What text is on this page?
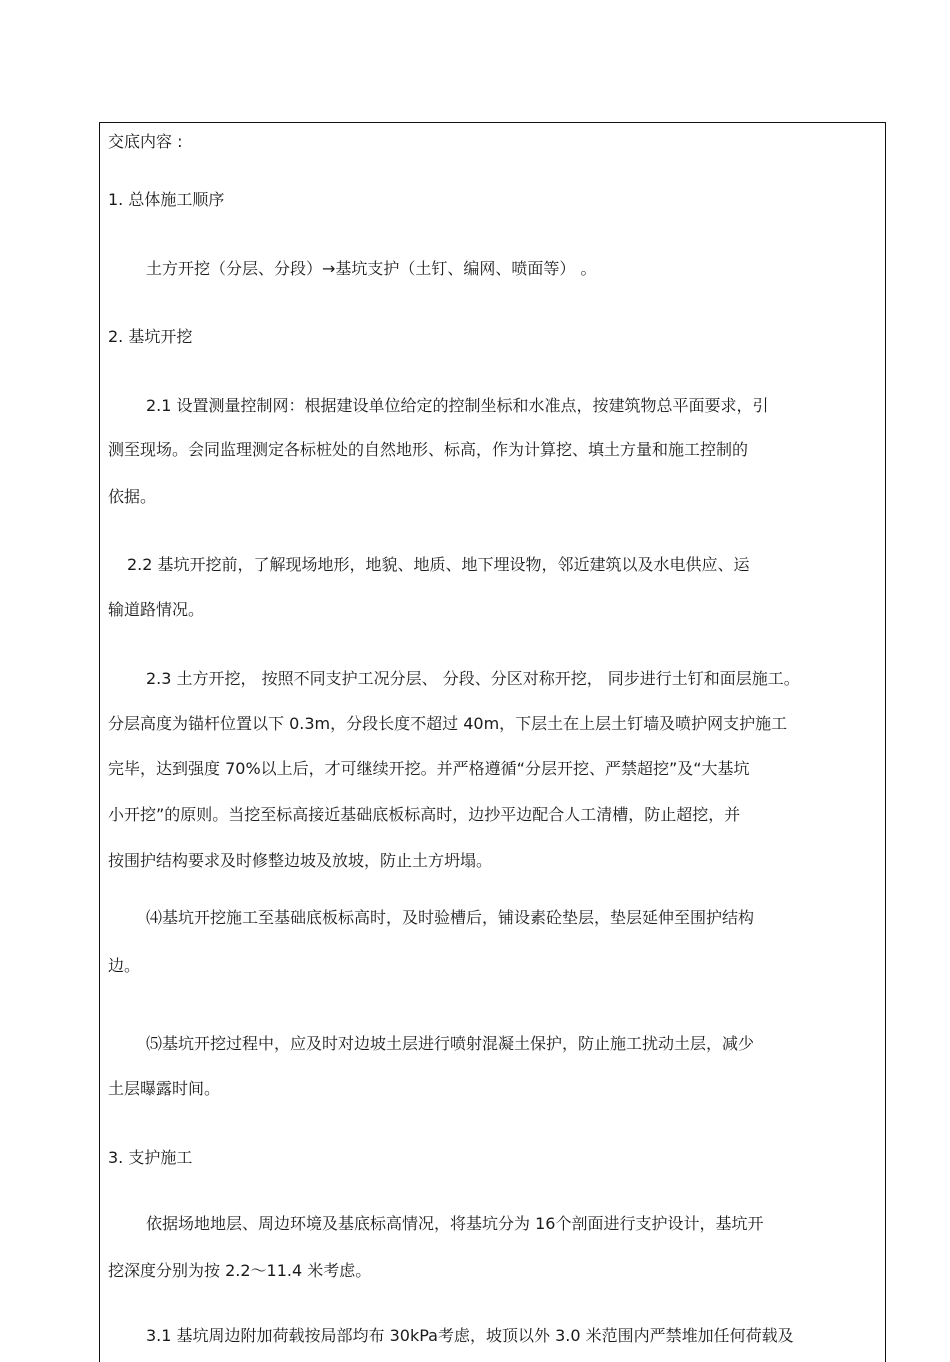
交底内容 :
1. 总体施工顺序
土方开挖（分层、分段）→基坑支护（土钉、编网、喷面等） 。
2. 基坑开挖
2.1 设置测量控制网：根据建设单位给定的控制坐标和水准点，按建筑物总平面要求，引
测至现场。会同监理测定各标桩处的自然地形、标高，作为计算挖、填土方量和施工控制的
依据。
2.2 基坑开挖前，了解现场地形，地貌、地质、地下埋设物，邻近建筑以及水电供应、运
输道路情况。
2.3 土方开挖， 按照不同支护工况分层、 分段、分区对称开挖， 同步进行土钉和面层施工。
分层高度为锚杆位置以下 0.3m，分段长度不超过 40m，下层土在上层土钉墙及喷护网支护施工
完毕，达到强度 70%以上后，才可继续开挖。并严格遵循“分层开挖、严禁超挖”及“大基坑
小开挖”的原则。当挖至标高接近基础底板标高时，边抄平边配合人工清槽，防止超挖，并
按围护结构要求及时修整边坡及放坡，防止土方坍塌。
⑷基坑开挖施工至基础底板标高时，及时验槽后，铺设素砼垫层，垫层延伸至围护结构
边。
⑸基坑开挖过程中，应及时对边坡土层进行喷射混凝土保护，防止施工扰动土层，减少
土层曝露时间。
3. 支护施工
依据场地地层、周边环境及基底标高情况，将基坑分为 16个剖面进行支护设计，基坑开
挖深度分别为按 2.2～11.4 米考虑。
3.1 基坑周边附加荷载按局部均布 30kPa考虑，坡顶以外 3.0 米范围内严禁堆加任何荷载及
